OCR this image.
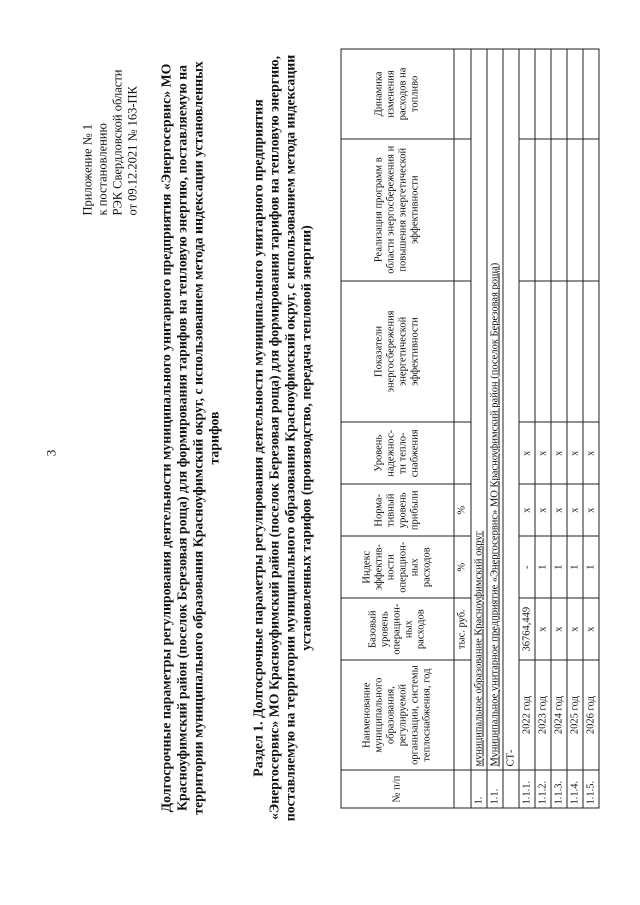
3
Приложение № 1 к постановлению РЭК Свердловской области от 09.12.2021 № 163-ПК Долгосрочные параметры регулирования деятельности муниципального унитарного предприятия «Энергосервис» МО Красноуфимский район (поселок Березовая роща) для формирования тарифов на тепловую энергию, поставляемую на территории муниципального образования Красноуфимский округ, с использованием метода индексации установленных тарифов Раздел 1. Долгосрочные параметры регулирования деятельности муниципального унитарного предприятия «Энергосервис» МО Красноуфимский район (поселок Березовая роща) для формирования тарифов на тепловую энергию, поставляемую на территории муниципального образования Красноуфимский округ, с использованием метода индексации установленных тарифов (производство, передача тепловой энергии)
№ п/п	Наименование муниципального образования, регулируемой организации, системы теплоснабжения, год	Базовый уровень операцион-ных расходов	Индекс эффектив-ности операцион-ных расходов	Норма-тивный уровень прибыли	Уровень надежнос-ти тепло-снабжения	Показатели энергосбережения энергетической эффективности	Реализация программ в области энергосбережения и повышения энергетической эффективности	Динамика изменения расходов на топливо
		тыс. руб.	%	%				
1.	муниципальное образование Красноуфимский округ							
1.1.	Муниципальное унитарное предприятие «Энергосервис» МО Красноуфимский район (поселок Березовая роща)							
	СТ-							
1.1.1.	2022 год	36764,449	-	х	х			
1.1.2.	2023 год	х	1	х	х			
1.1.3.	2024 год	х	1	х	х			
1.1.4.	2025 год	х	1	х	х			
1.1.5.	2026 год	х	1	х	х			
